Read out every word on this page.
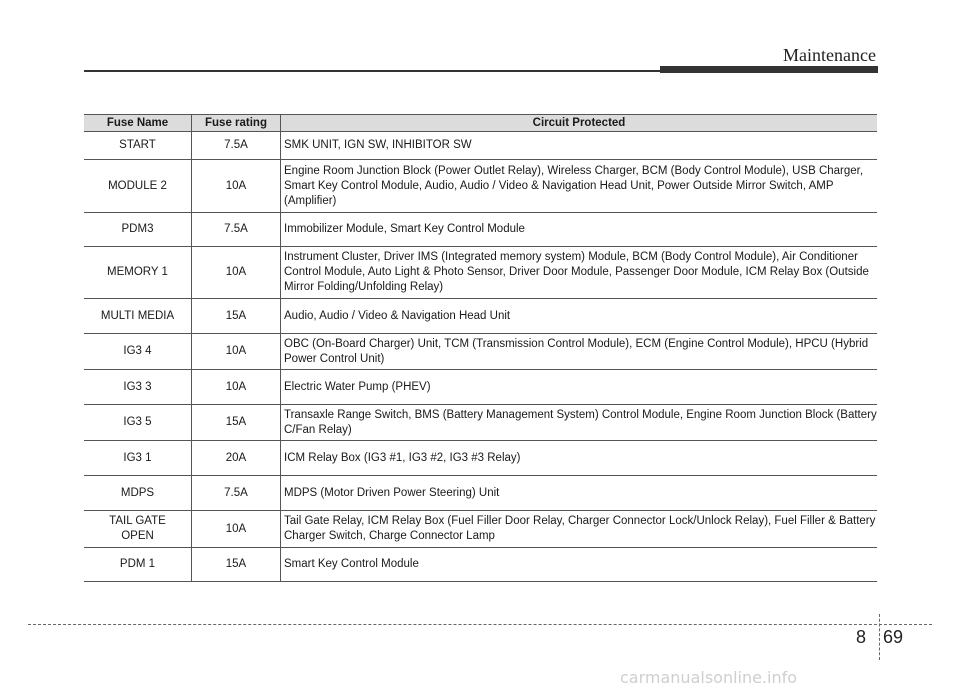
Maintenance
Fuse Name	Fuse rating	Circuit Protected
START	7.5A	SMK UNIT, IGN SW, INHIBITOR SW
MODULE 2	10A	Engine Room Junction Block (Power Outlet Relay), Wireless Charger, BCM (Body Control Module), USB Charger, Smart Key Control Module, Audio, Audio / Video & Navigation Head Unit, Power Outside Mirror Switch, AMP (Amplifier)
PDM3	7.5A	Immobilizer Module, Smart Key Control Module
MEMORY 1	10A	Instrument Cluster, Driver IMS (Integrated memory system) Module, BCM (Body Control Module), Air Conditioner Control Module, Auto Light & Photo Sensor, Driver Door Module, Passenger Door Module, ICM Relay Box (Outside Mirror Folding/Unfolding Relay)
MULTI MEDIA	15A	Audio, Audio / Video & Navigation Head Unit
IG3 4	10A	OBC (On-Board Charger) Unit, TCM (Transmission Control Module), ECM (Engine Control Module), HPCU (Hybrid Power Control Unit)
IG3 3	10A	Electric Water Pump (PHEV)
IG3 5	15A	Transaxle Range Switch, BMS (Battery Management System) Control Module, Engine Room Junction Block (Battery C/Fan Relay)
IG3 1	20A	ICM Relay Box (IG3 #1, IG3 #2, IG3 #3 Relay)
MDPS	7.5A	MDPS (Motor Driven Power Steering) Unit
TAIL GATE OPEN	10A	Tail Gate Relay, ICM Relay Box (Fuel Filler Door Relay, Charger Connector Lock/Unlock Relay), Fuel Filler & Battery Charger Switch, Charge Connector Lamp
PDM 1	15A	Smart Key Control Module
8 69
carmanualsonline.info
